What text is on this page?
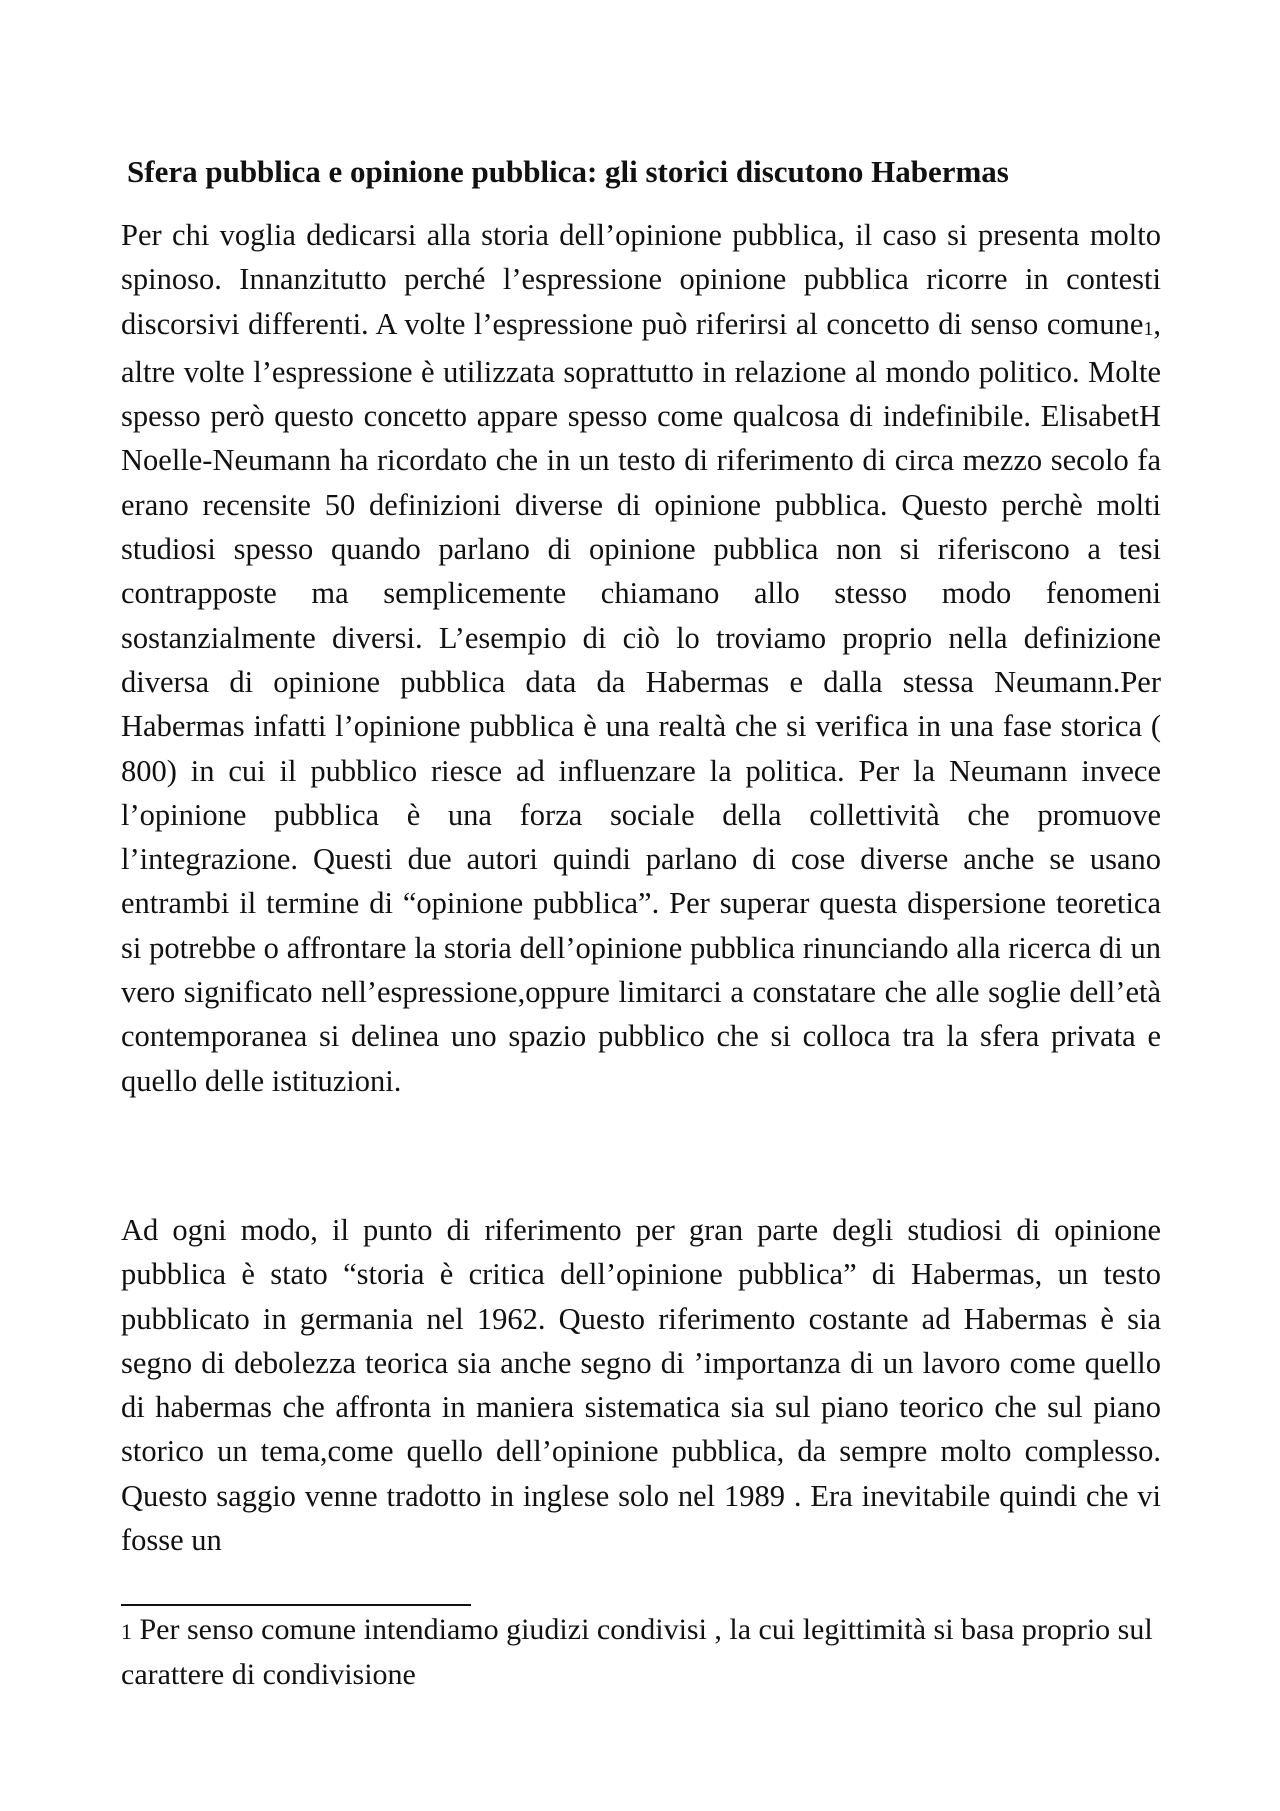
Sfera pubblica e opinione pubblica: gli storici discutono Habermas

Per chi voglia dedicarsi alla storia dell’opinione pubblica, il caso si presenta molto spinoso. Innanzitutto perché l’espressione opinione pubblica ricorre in contesti discorsivi differenti. A volte l’espressione può riferirsi al concetto di senso comune$^1$, altre volte l’espressione è utilizzata soprattutto in relazione al mondo politico. Molte spesso però questo concetto appare spesso come qualcosa di indefinibile. ElisabetH Noelle-Neumann ha ricordato che in un testo di riferimento di circa mezzo secolo fa erano recensite 50 definizioni diverse di opinione pubblica. Questo perchè molti studiosi spesso quando parlano di opinione pubblica non si riferiscono a tesi contrapposte ma semplicemente chiamano allo stesso modo fenomeni sostanzialmente diversi. L’esempio di ciò lo troviamo proprio nella definizione diversa di opinione pubblica data da Habermas e dalla stessa Neumann.Per Habermas infatti l’opinione pubblica è una realtà che si verifica in una fase storica ( 800) in cui il pubblico riesce ad influenzare la politica. Per la Neumann invece l’opinione pubblica è una forza sociale della collettività che promuove l’integrazione. Questi due autori quindi parlano di cose diverse anche se usano entrambi il termine di “opinione pubblica”. Per superar questa dispersione teoretica si potrebbe o affrontare la storia dell’opinione pubblica rinunciando alla ricerca di un vero significato nell’espressione,oppure limitarci a constatare che alle soglie dell’età contemporanea si delinea uno spazio pubblico che si colloca tra la sfera privata e quello delle istituzioni.

Ad ogni modo, il punto di riferimento per gran parte degli studiosi di opinione pubblica è stato “storia è critica dell’opinione pubblica” di Habermas, un testo pubblicato in germania nel 1962. Questo riferimento costante ad Habermas è sia segno di debolezza teorica sia anche segno di ’importanza di un lavoro come quello di habermas che affronta in maniera sistematica sia sul piano teorico che sul piano storico un tema,come quello dell’opinione pubblica, da sempre molto complesso. Questo saggio venne tradotto in inglese solo nel 1989 . Era inevitabile quindi che vi fosse un

1 Per senso comune intendiamo giudizi condivisi , la cui legittimità si basa proprio sul carattere di condivisione
